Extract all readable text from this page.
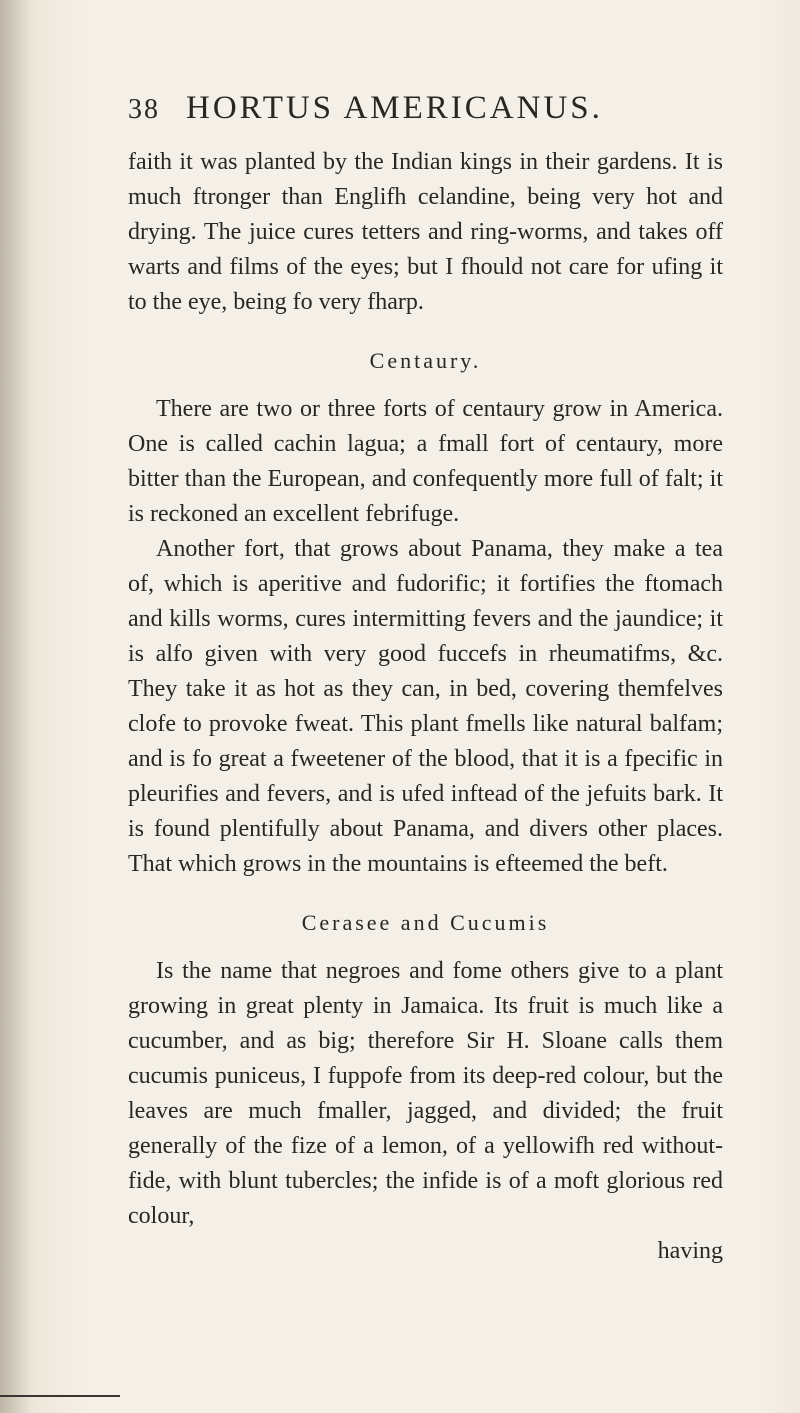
38 HORTUS AMERICANUS.

faith it was planted by the Indian kings in their gardens. It is much ftronger than Englifh celandine, being very hot and drying. The juice cures tetters and ring-worms, and takes off warts and films of the eyes; but I fhould not care for ufing it to the eye, being fo very fharp.

Centaury.

There are two or three forts of centaury grow in America. One is called cachin lagua; a fmall fort of centaury, more bitter than the European, and confequently more full of falt; it is reckoned an excellent febrifuge.

Another fort, that grows about Panama, they make a tea of, which is aperitive and fudorific; it fortifies the ftomach and kills worms, cures intermitting fevers and the jaundice; it is alfo given with very good fuccefs in rheumatifms, &c. They take it as hot as they can, in bed, covering themfelves clofe to provoke fweat. This plant fmells like natural balfam; and is fo great a fweetener of the blood, that it is a fpecific in pleurifies and fevers, and is ufed inftead of the jefuits bark. It is found plentifully about Panama, and divers other places. That which grows in the mountains is efteemed the beft.

Cerasee and Cucumis

Is the name that negroes and fome others give to a plant growing in great plenty in Jamaica. Its fruit is much like a cucumber, and as big; therefore Sir H. Sloane calls them cucumis puniceus, I fuppofe from its deep-red colour, but the leaves are much fmaller, jagged, and divided; the fruit generally of the fize of a lemon, of a yellowifh red without-fide, with blunt tubercles; the infide is of a moft glorious red colour,

having
